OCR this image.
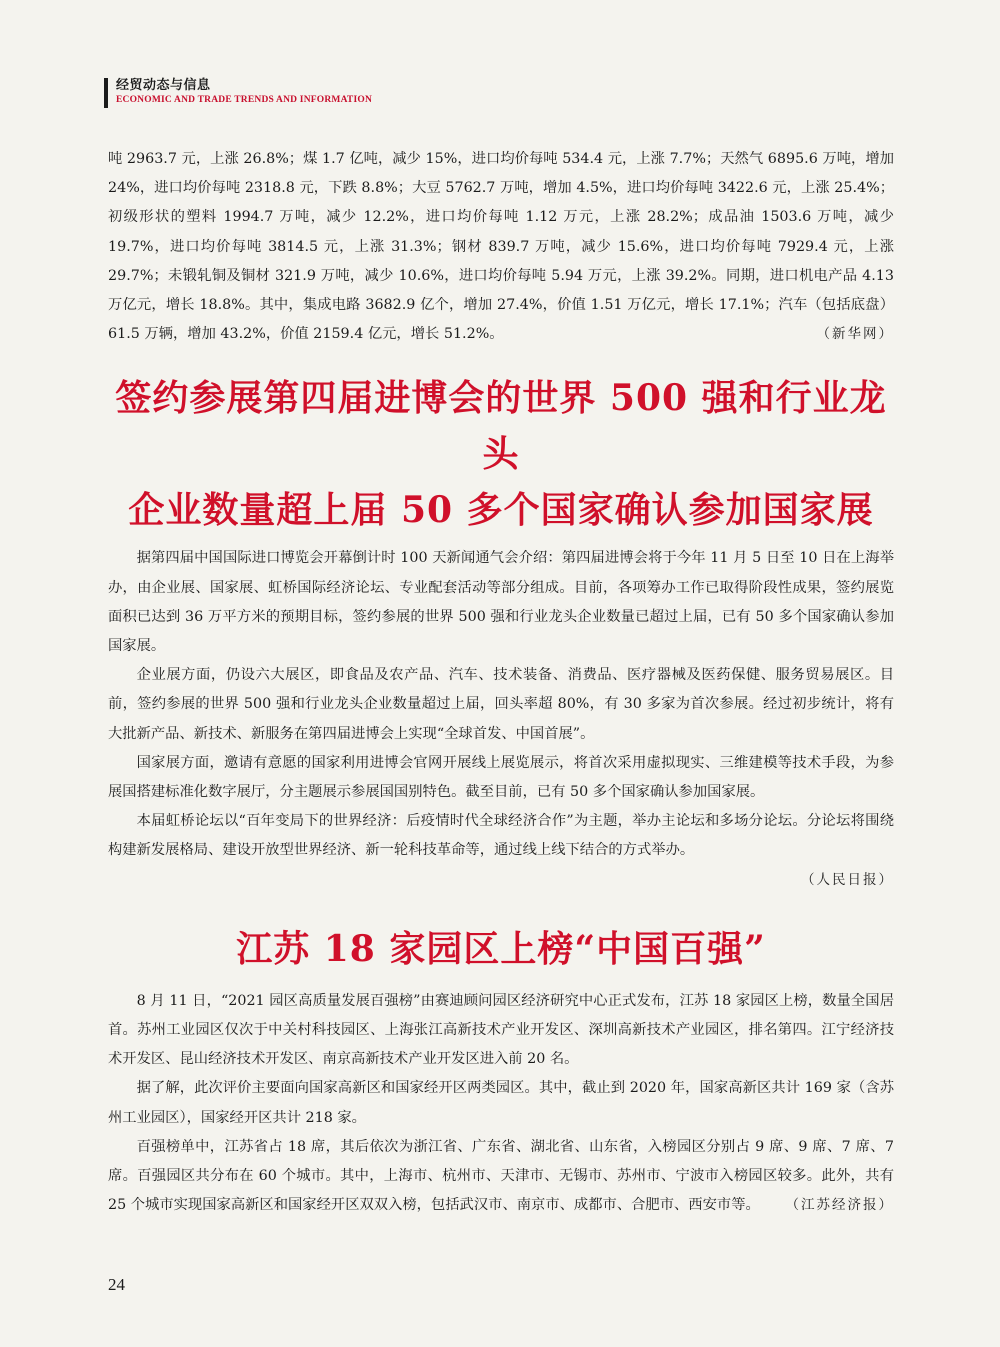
经贸动态与信息
ECONOMIC AND TRADE TRENDS AND INFORMATION

吨 2963.7 元，上涨 26.8%；煤 1.7 亿吨，减少 15%，进口均价每吨 534.4 元，上涨 7.7%；天然气 6895.6 万吨，增加 24%，进口均价每吨 2318.8 元，下跌 8.8%；大豆 5762.7 万吨，增加 4.5%，进口均价每吨 3422.6 元，上涨 25.4%；初级形状的塑料 1994.7 万吨，减少 12.2%，进口均价每吨 1.12 万元，上涨 28.2%；成品油 1503.6 万吨，减少 19.7%，进口均价每吨 3814.5 元，上涨 31.3%；钢材 839.7 万吨，减少 15.6%，进口均价每吨 7929.4 元，上涨 29.7%；未锻轧铜及铜材 321.9 万吨，减少 10.6%，进口均价每吨 5.94 万元，上涨 39.2%。同期，进口机电产品 4.13 万亿元，增长 18.8%。其中，集成电路 3682.9 亿个，增加 27.4%，价值 1.51 万亿元，增长 17.1%；汽车（包括底盘）61.5 万辆，增加 43.2%，价值 2159.4 亿元，增长 51.2%。	（新华网）

签约参展第四届进博会的世界 500 强和行业龙头
企业数量超上届 50 多个国家确认参加国家展

据第四届中国国际进口博览会开幕倒计时 100 天新闻通气会介绍：第四届进博会将于今年 11 月 5 日至 10 日在上海举办，由企业展、国家展、虹桥国际经济论坛、专业配套活动等部分组成。目前，各项筹办工作已取得阶段性成果，签约展览面积已达到 36 万平方米的预期目标，签约参展的世界 500 强和行业龙头企业数量已超过上届，已有 50 多个国家确认参加国家展。

企业展方面，仍设六大展区，即食品及农产品、汽车、技术装备、消费品、医疗器械及医药保健、服务贸易展区。目前，签约参展的世界 500 强和行业龙头企业数量超过上届，回头率超 80%，有 30 多家为首次参展。经过初步统计，将有大批新产品、新技术、新服务在第四届进博会上实现“全球首发、中国首展”。

国家展方面，邀请有意愿的国家利用进博会官网开展线上展览展示，将首次采用虚拟现实、三维建模等技术手段，为参展国搭建标准化数字展厅，分主题展示参展国国别特色。截至目前，已有 50 多个国家确认参加国家展。

本届虹桥论坛以“百年变局下的世界经济：后疫情时代全球经济合作”为主题，举办主论坛和多场分论坛。分论坛将围绕构建新发展格局、建设开放型世界经济、新一轮科技革命等，通过线上线下结合的方式举办。

（人民日报）
江苏 18 家园区上榜“中国百强”

8 月 11 日，“2021 园区高质量发展百强榜”由赛迪顾问园区经济研究中心正式发布，江苏 18 家园区上榜，数量全国居首。苏州工业园区仅次于中关村科技园区、上海张江高新技术产业开发区、深圳高新技术产业园区，排名第四。江宁经济技术开发区、昆山经济技术开发区、南京高新技术产业开发区进入前 20 名。

据了解，此次评价主要面向国家高新区和国家经开区两类园区。其中，截止到 2020 年，国家高新区共计 169 家（含苏州工业园区），国家经开区共计 218 家。

百强榜单中，江苏省占 18 席，其后依次为浙江省、广东省、湖北省、山东省，入榜园区分别占 9 席、9 席、7 席、7 席。百强园区共分布在 60 个城市。其中，上海市、杭州市、天津市、无锡市、苏州市、宁波市入榜园区较多。此外，共有 25 个城市实现国家高新区和国家经开区双双入榜，包括武汉市、南京市、成都市、合肥市、西安市等。 （江苏经济报）

24
